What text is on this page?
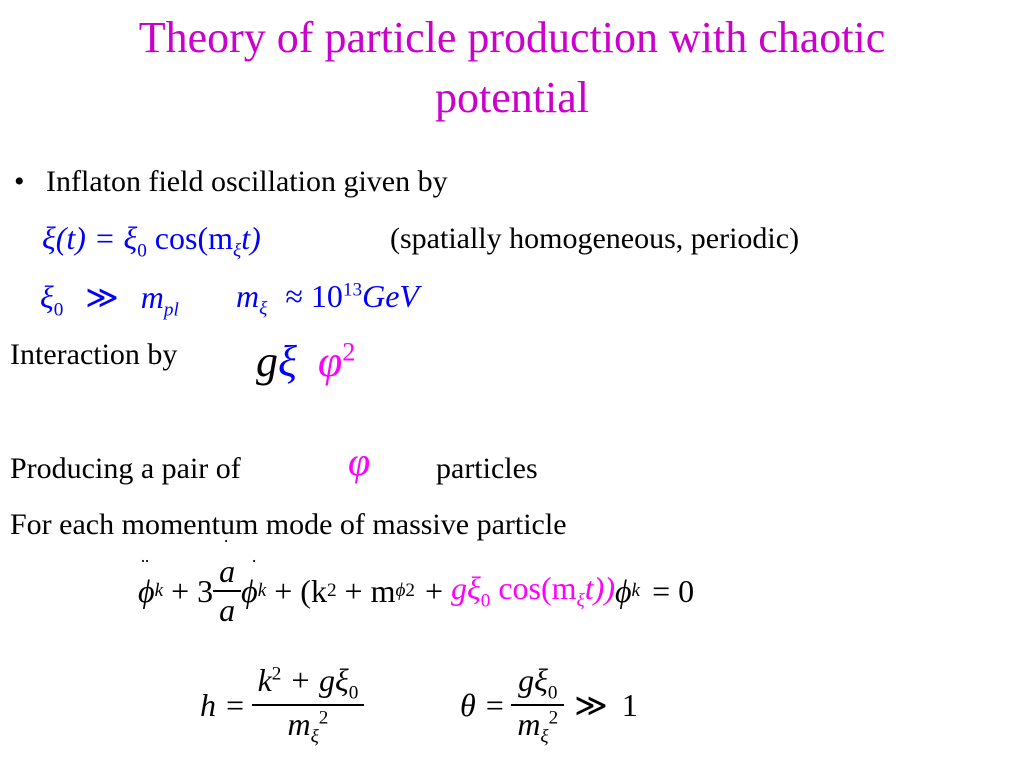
Theory of particle production with chaotic
potential
• Inflaton field oscillation given by
$\xi(t) = \xi_0$ $\cos(m_\xi t)$	(spatially homogeneous, periodic)
$\xi_0$ ≫ $m_{pl}$ $m_\xi \approx 10^{13}GeV$
Interaction by gξ $\varphi^2$
Producing a pair of	φ particles
For each momentum mode of massive particle
·· ϕ k + 3
· $\frac{a}{a}$
· ϕ k + (k 2 + m ϕ $2 + g\xi_0$ $\cos(m_\xi t)$) ϕ k = 0
$h = \frac{k^2 + g\xi_0}{m_\xi^2}$	$\theta = \frac{g\xi_0}{m_\xi^2}$ ≫ 1
